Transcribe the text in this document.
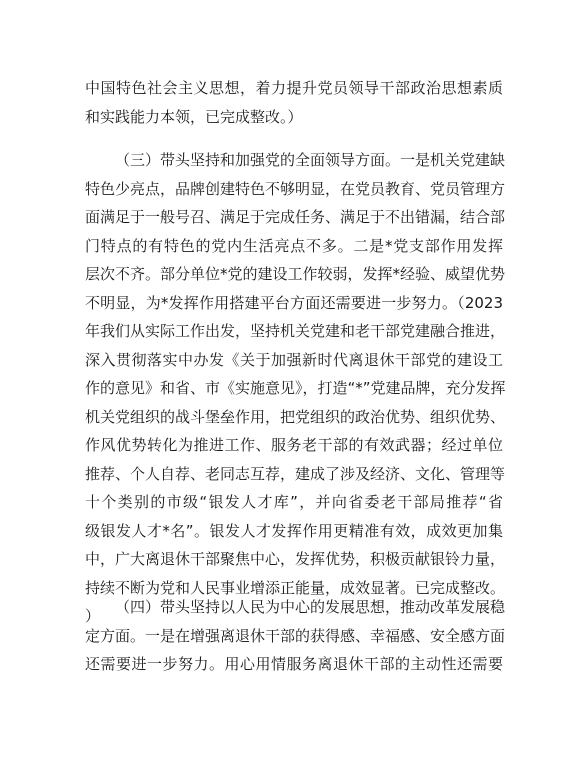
中国特色社会主义思想，着力提升党员领导干部政治思想素质
和实践能力本领，已完成整改。）
（三）带头坚持和加强党的全面领导方面。一是机关党建缺
特色少亮点，品牌创建特色不够明显，在党员教育、党员管理方
面满足于一般号召、满足于完成任务、满足于不出错漏，结合部
门特点的有特色的党内生活亮点不多。二是*党支部作用发挥
层次不齐。部分单位*党的建设工作较弱，发挥*经验、威望优势
不明显，为*发挥作用搭建平台方面还需要进一步努力。（2023
年我们从实际工作出发，坚持机关党建和老干部党建融合推进，
深入贯彻落实中办发《关于加强新时代离退休干部党的建设工
作的意见》和省、市《实施意见》，打造“*”党建品牌，充分发挥
机关党组织的战斗堡垒作用，把党组织的政治优势、组织优势、
作风优势转化为推进工作、服务老干部的有效武器；经过单位
推荐、个人自荐、老同志互荐，建成了涉及经济、文化、管理等
十个类别的市级“银发人才库”，并向省委老干部局推荐“省
级银发人才*名”。银发人才发挥作用更精准有效，成效更加集
中，广大离退休干部聚焦中心，发挥优势，积极贡献银铃力量，
持续不断为党和人民事业增添正能量，成效显著。已完成整改。
） （四）带头坚持以人民为中心的发展思想，推动改革发展稳
定方面。一是在增强离退休干部的获得感、幸福感、安全感方面
还需要进一步努力。用心用情服务离退休干部的主动性还需要
